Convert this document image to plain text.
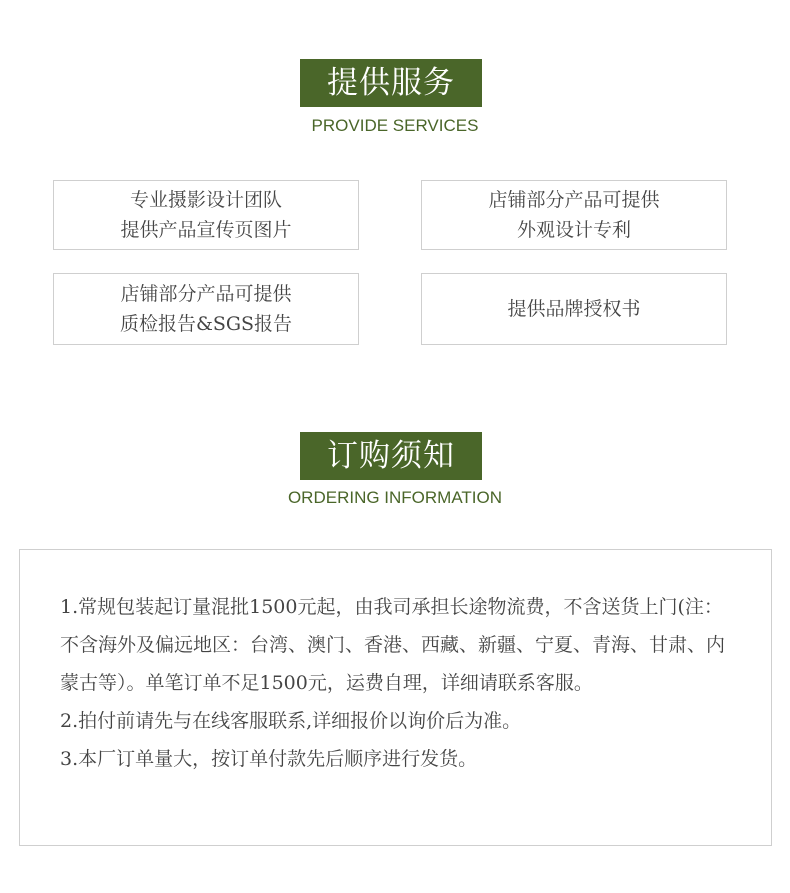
提供服务
PROVIDE SERVICES
专业摄影设计团队
提供产品宣传页图片
店铺部分产品可提供
外观设计专利
店铺部分产品可提供
质检报告&SGS报告
提供品牌授权书
订购须知
ORDERING INFORMATION

1.常规包装起订量混批1500元起，由我司承担长途物流费，不含送货上门(注：不含海外及偏远地区：台湾、澳门、香港、西藏、新疆、宁夏、青海、甘肃、内蒙古等）。单笔订单不足1500元，运费自理，详细请联系客服。

2.拍付前请先与在线客服联系,详细报价以询价后为准。

3.本厂订单量大，按订单付款先后顺序进行发货。
